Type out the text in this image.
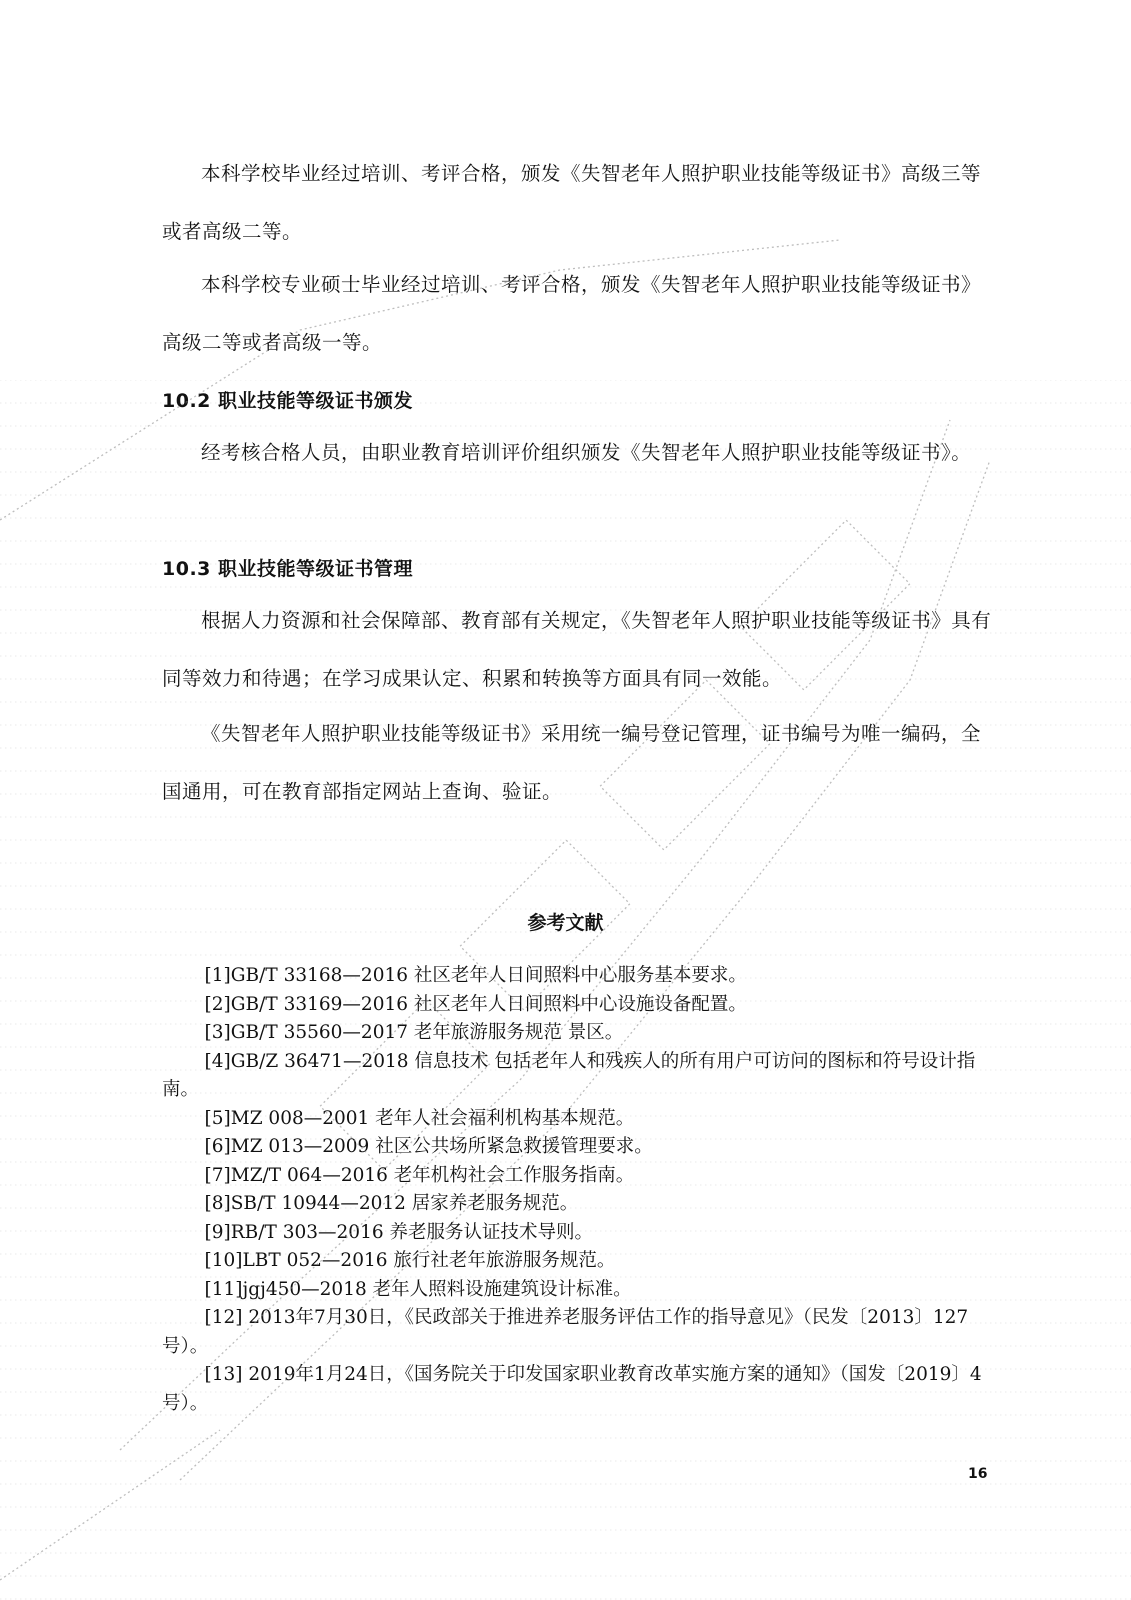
本科学校毕业经过培训、考评合格，颁发《失智老年人照护职业技能等级证书》高级三等或者高级二等。

本科学校专业硕士毕业经过培训、考评合格，颁发《失智老年人照护职业技能等级证书》高级二等或者高级一等。

10.2 职业技能等级证书颁发

经考核合格人员，由职业教育培训评价组织颁发《失智老年人照护职业技能等级证书》。

10.3 职业技能等级证书管理

根据人力资源和社会保障部、教育部有关规定，《失智老年人照护职业技能等级证书》具有同等效力和待遇；在学习成果认定、积累和转换等方面具有同一效能。

《失智老年人照护职业技能等级证书》采用统一编号登记管理，证书编号为唯一编码，全国通用，可在教育部指定网站上查询、验证。

参考文献
[1]GB/T 33168—2016 社区老年人日间照料中心服务基本要求。
[2]GB/T 33169—2016 社区老年人日间照料中心设施设备配置。
[3]GB/T 35560—2017 老年旅游服务规范 景区。
[4]GB/Z 36471—2018 信息技术 包括老年人和残疾人的所有用户可访问的图标和符号设计指南。
[5]MZ 008—2001 老年人社会福利机构基本规范。
[6]MZ 013—2009 社区公共场所紧急救援管理要求。
[7]MZ/T 064—2016 老年机构社会工作服务指南。
[8]SB/T 10944—2012 居家养老服务规范。
[9]RB/T 303—2016 养老服务认证技术导则。
[10]LBT 052—2016 旅行社老年旅游服务规范。
[11]jgj450—2018 老年人照料设施建筑设计标准。
[12] 2013年7月30日，《民政部关于推进养老服务评估工作的指导意见》（民发〔2013〕127号）。
[13] 2019年1月24日，《国务院关于印发国家职业教育改革实施方案的通知》（国发〔2019〕4号）。
16
